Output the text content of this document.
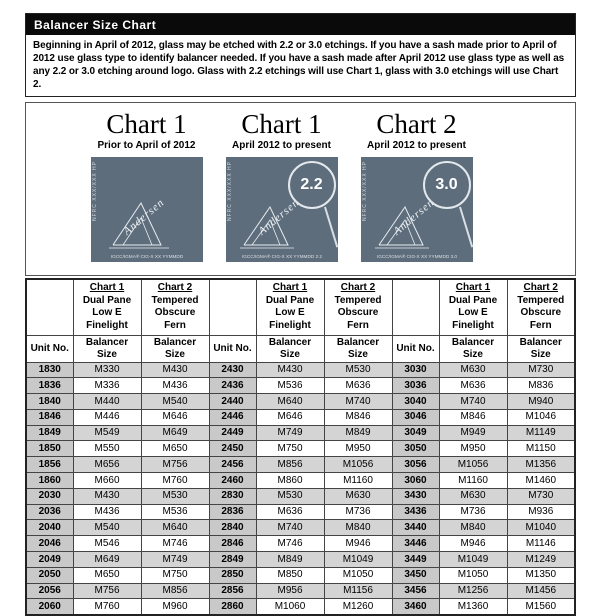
Balancer Size Chart
Beginning in April of 2012, glass may be etched with 2.2 or 3.0 etchings. If you have a sash made prior to April of 2012 use glass type to identify balancer needed. If you have a sash made after April 2012 use glass type as well as any 2.2 or 3.0 etching around logo. Glass with 2.2 etchings will use Chart 1, glass with 3.0 etchings will use Chart 2.
Chart 1
Prior to April of 2012
NFRC XXX/XXX HP	Andersen
IGCC/IGMA® CIG-X XX YYMMDD
Chart 1
April 2012 to present
NFRC XXX/XXX HP	Andersen
2.2
IGCC/IGMA® CIG-X XX YYMMDD 2.2
Chart 2
April 2012 to present
NFRC XXX/XXX HP	Andersen
3.0
IGCC/IGMA® CIG-X XX YYMMDD 3.0
	Chart 1
Dual Pane
Low E
Finelight
	Chart 2
Tempered
Obscure
Fern
		Chart 1
Dual Pane
Low E
Finelight
	Chart 2
Tempered
Obscure
Fern
		Chart 1
Dual Pane
Low E
Finelight
	Chart 2
Tempered
Obscure
Fern

Unit No.	Balancer Size	Balancer Size	Unit No.	Balancer Size	Balancer Size	Unit No.	Balancer Size	Balancer Size
1830	M330	M430	2430	M430	M530	3030	M630	M730
1836	M336	M436	2436	M536	M636	3036	M636	M836
1840	M440	M540	2440	M640	M740	3040	M740	M940
1846	M446	M646	2446	M646	M846	3046	M846	M1046
1849	M549	M649	2449	M749	M849	3049	M949	M1149
1850	M550	M650	2450	M750	M950	3050	M950	M1150
1856	M656	M756	2456	M856	M1056	3056	M1056	M1356
1860	M660	M760	2460	M860	M1160	3060	M1160	M1460
2030	M430	M530	2830	M530	M630	3430	M630	M730
2036	M436	M536	2836	M636	M736	3436	M736	M936
2040	M540	M640	2840	M740	M840	3440	M840	M1040
2046	M546	M746	2846	M746	M946	3446	M946	M1146
2049	M649	M749	2849	M849	M1049	3449	M1049	M1249
2050	M650	M750	2850	M850	M1050	3450	M1050	M1350
2056	M756	M856	2856	M956	M1156	3456	M1256	M1456
2060	M760	M960	2860	M1060	M1260	3460	M1360	M1560
